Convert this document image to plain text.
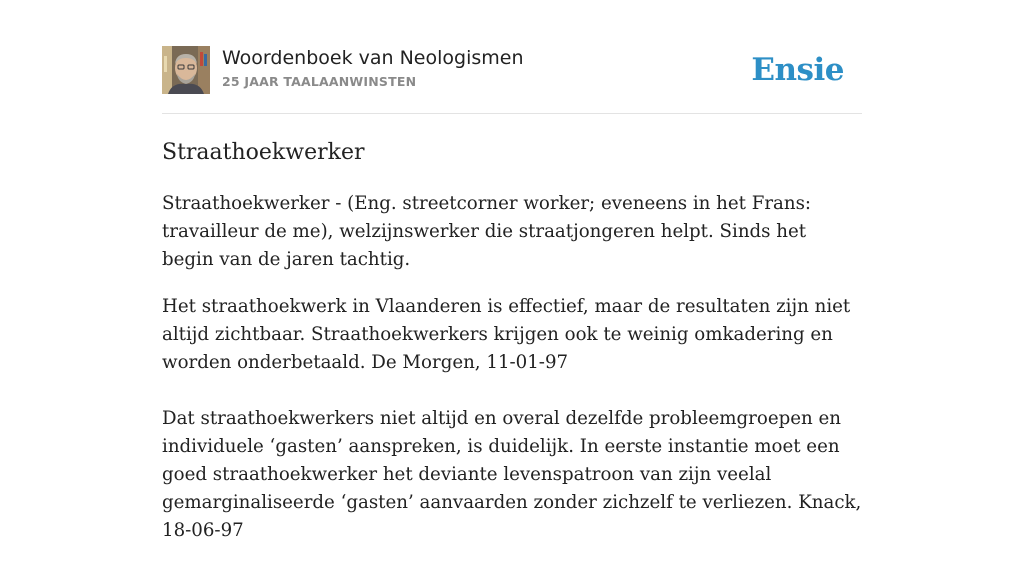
Woordenboek van Neologismen
25 JAAR TAALAANWINSTEN	Ensie
Straathoekwerker

Straathoekwerker - (Eng. streetcorner worker; eveneens in het Frans: travailleur de me), welzijnswerker die straatjongeren helpt. Sinds het begin van de jaren tachtig.

Het straathoekwerk in Vlaanderen is effectief, maar de resultaten zijn niet altijd zichtbaar. Straathoekwerkers krijgen ook te weinig omkadering en worden onderbetaald. De Morgen, 11-01-97

Dat straathoekwerkers niet altijd en overal dezelfde probleemgroepen en individuele ‘gasten’ aanspreken, is duidelijk. In eerste instantie moet een goed straathoekwerker het deviante levenspatroon van zijn veelal gemarginaliseerde ‘gasten’ aanvaarden zonder zichzelf te verliezen. Knack, 18-06-97
